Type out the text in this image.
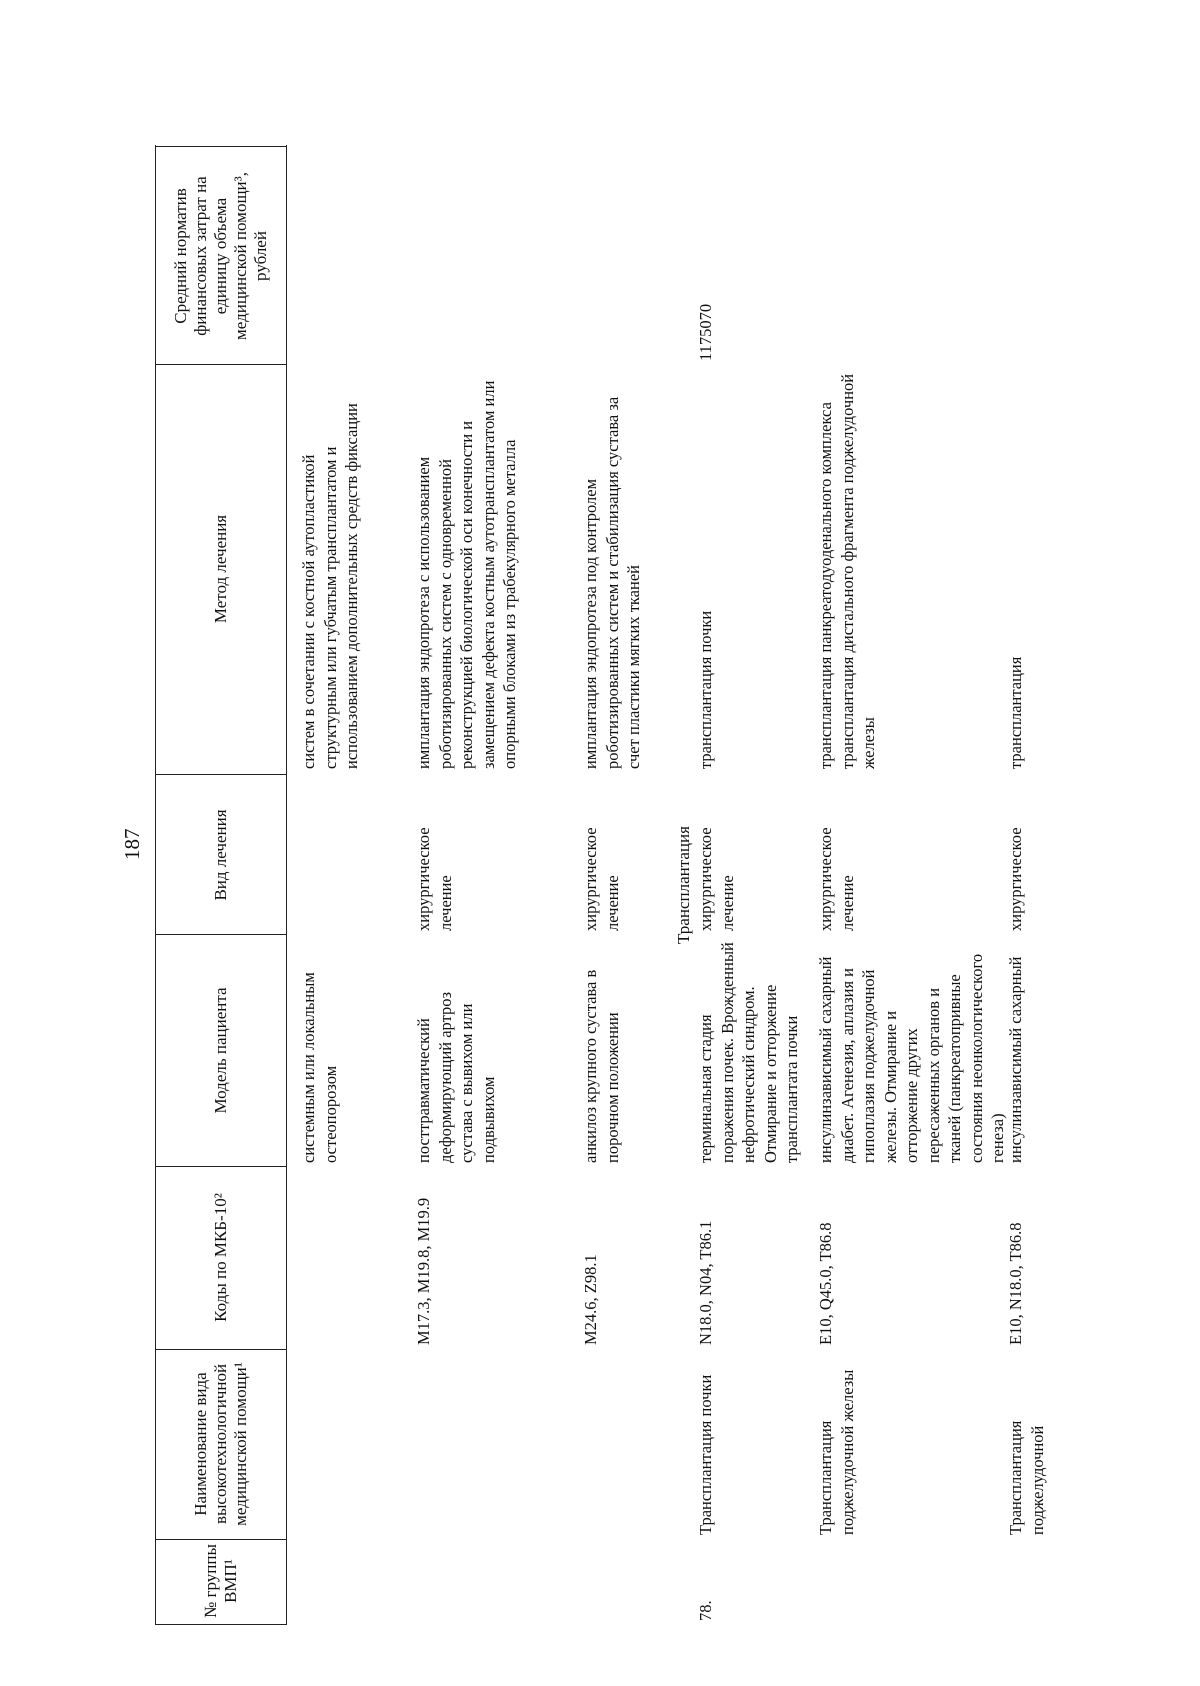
187
№ группы ВМП¹
Наименование вида высокотехнологичной медицинской помощи¹
Коды по МКБ-10²
Модель пациента
Вид лечения
Метод лечения
Средний норматив финансовых затрат на единицу объема медицинской помощи³, рублей
системным или локальным остеопорозом
систем в сочетании с костной аутопластикой структурным или губчатым трансплантатом и использованием дополнительных средств фиксации
M17.3, M19.8, M19.9
посттравматический деформирующий артроз сустава с вывихом или подвывихом
хирургическое лечение
имплантация эндопротеза с использованием роботизированных систем с одновременной реконструкцией биологической оси конечности и замещением дефекта костным аутотрансплантатом или опорными блоками из трабекулярного металла
M24.6, Z98.1
анкилоз крупного сустава в порочном положении
хирургическое лечение
имплантация эндопротеза под контролем роботизированных систем и стабилизация сустава за счет пластики мягких тканей
Трансплантация
78.
Трансплантация почки
N18.0, N04, T86.1
терминальная стадия поражения почек. Врожденный нефротический синдром. Отмирание и отторжение трансплантата почки
хирургическое лечение
трансплантация почки
1175070
Трансплантация поджелудочной железы
E10, Q45.0, T86.8
инсулинзависимый сахарный диабет. Агенезия, аплазия и гипоплазия поджелудочной железы. Отмирание и отторжение других пересаженных органов и тканей (панкреатопривные состояния неонкологического генеза)
хирургическое лечение
трансплантация панкреатодуоденального комплекса трансплантация дистального фрагмента поджелудочной железы
Трансплантация поджелудочной
E10, N18.0, T86.8
инсулинзависимый сахарный
хирургическое
трансплантация
